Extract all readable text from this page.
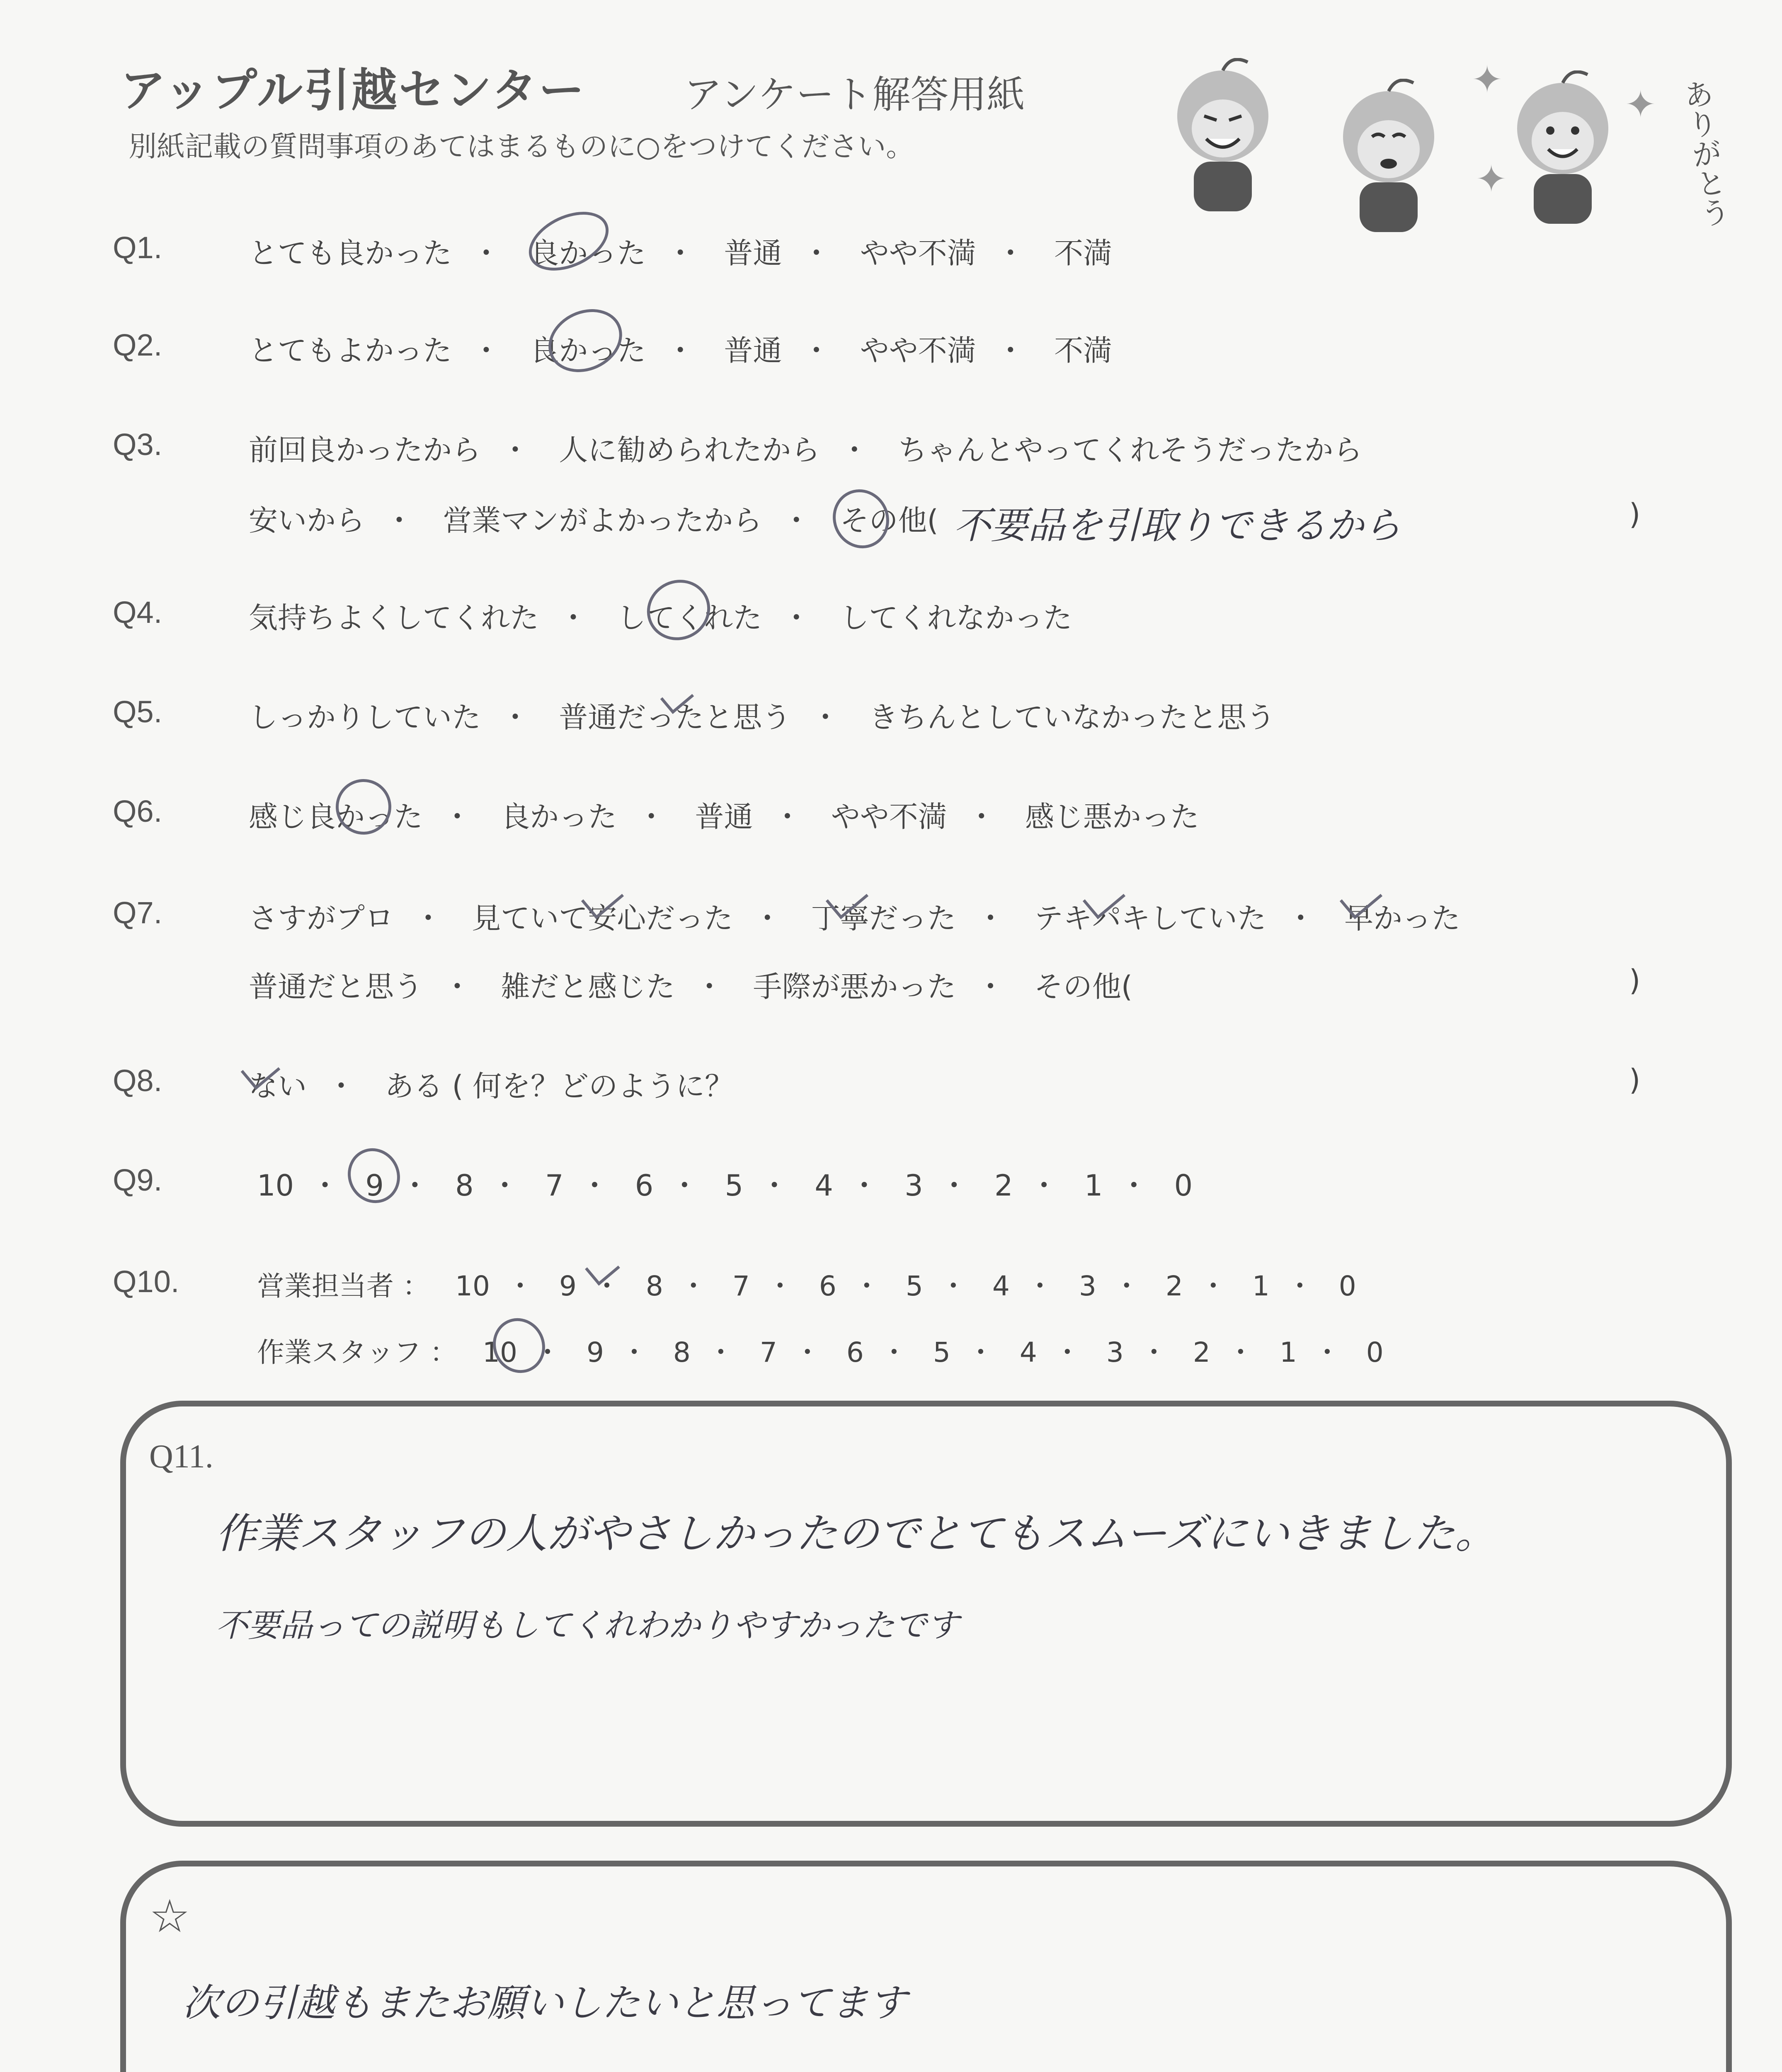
アップル引越センター	アンケート解答用紙
別紙記載の質問事項のあてはまるものに○をつけてください。	ありがとう
✦
✦
✦
Q1.	とても良かった ・ 良かった ・ 普通 ・ やや不満 ・ 不満
Q2.	とてもよかった ・ 良かった ・ 普通 ・ やや不満 ・ 不満
Q3.	前回良かったから ・ 人に勧められたから ・ ちゃんとやってくれそうだったから
安いから ・ 営業マンがよかったから ・ その他( 不要品を引取りできるから	)
Q4.	気持ちよくしてくれた ・ してくれた ・ してくれなかった
Q5.	しっかりしていた ・ 普通だったと思う ・ きちんとしていなかったと思う
Q6.	感じ良かった ・ 良かった ・ 普通 ・ やや不満 ・ 感じ悪かった
Q7.	さすがプロ ・ 見ていて安心だった ・ 丁寧だった ・ テキパキしていた ・ 早かった
普通だと思う ・ 雑だと感じた ・ 手際が悪かった ・ その他(	)
Q8.	ない ・ ある ( 何を？どのように？	)
Q9.	10 ・ 9 ・ 8 ・ 7 ・ 6 ・ 5 ・ 4 ・ 3 ・ 2 ・ 1 ・ 0
Q10.	営業担当者 ： 10 ・ 9 ・ 8 ・ 7 ・ 6 ・ 5 ・ 4 ・ 3 ・ 2 ・ 1 ・ 0
作業スタッフ ： 10 ・ 9 ・ 8 ・ 7 ・ 6 ・ 5 ・ 4 ・ 3 ・ 2 ・ 1 ・ 0
Q11.
作業スタッフの人がやさしかったのでとてもスムーズにいきました。
不要品っての説明もしてくれわかりやすかったです
☆
次の引越もまたお願いしたいと思ってます
